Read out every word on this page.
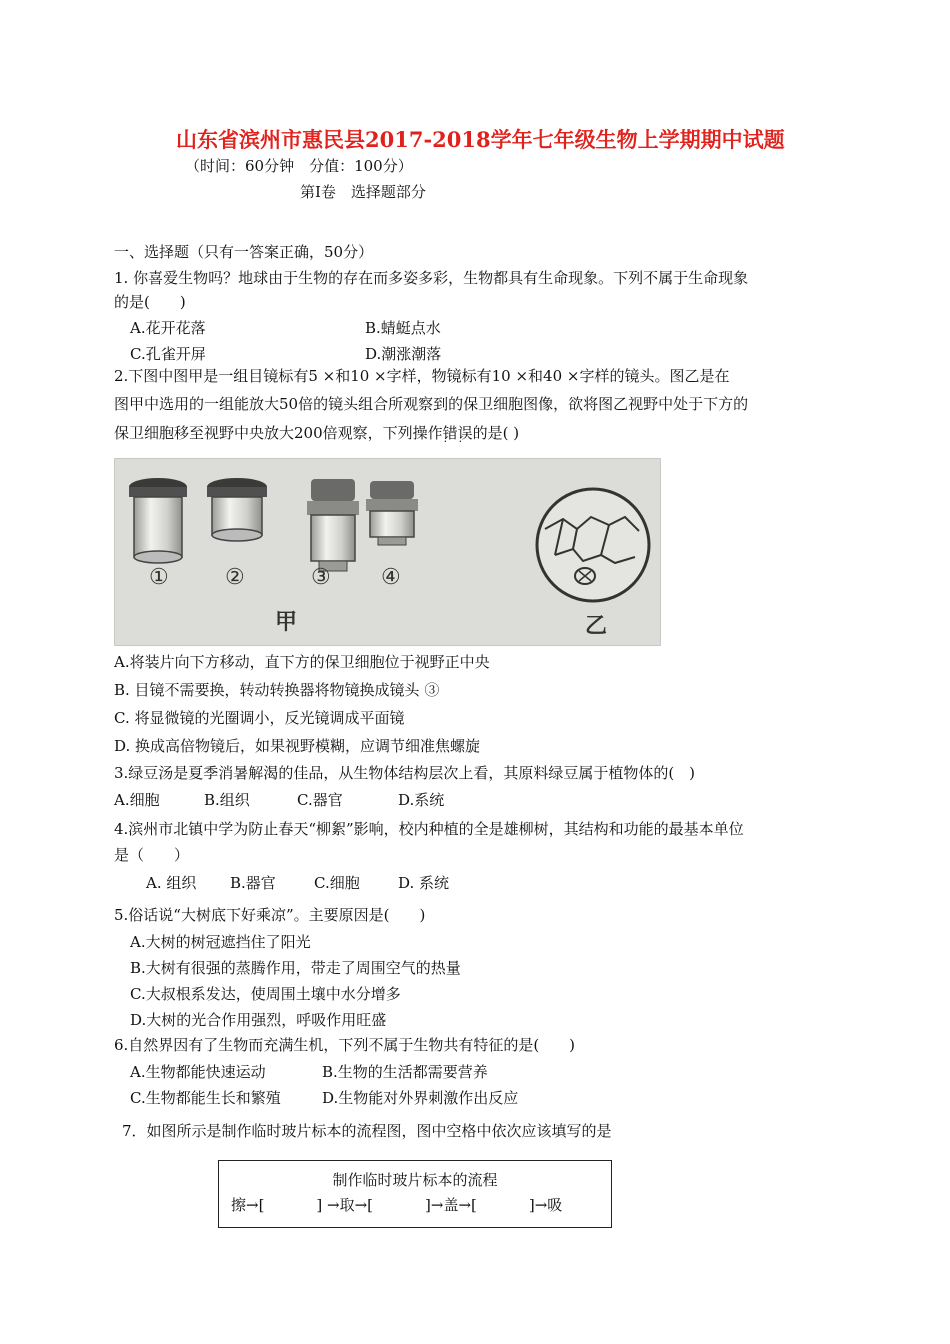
山东省滨州市惠民县2017-2018学年七年级生物上学期期中试题
（时间：60分钟　分值：100分）
第Ⅰ卷　选择题部分
一、选择题（只有一答案正确，50分）
1. 你喜爱生物吗？地球由于生物的存在而多姿多彩，生物都具有生命现象。下列不属于生命现象
的是(　　)
A.花开花落	B.蜻蜓点水
C.孔雀开屏	D.潮涨潮落
2.下图中图甲是一组目镜标有5 ×和10 ×字样，物镜标有10 ×和40 ×字样的镜头。图乙是在
图甲中选用的一组能放大50倍的镜头组合所观察到的保卫细胞图像，欲将图乙视野中处于下方的
保卫细胞移至视野中央放大200倍观察，下列操作错误 · ·的是( )
①	②	③ ④
甲	乙
A.将装片向下方移动，直下方的保卫细胞位于视野正中央
B. 目镜不需要换，转动转换器将物镜换成镜头 ③
C. 将显微镜的光圈调小，反光镜调成平面镜
D. 换成高倍物镜后，如果视野模糊，应调节细准焦螺旋
3.绿豆汤是夏季消暑解渴的佳品，从生物体结构层次上看，其原料绿豆属于植物体的(　)
A.细胞	B.组织	C.器官	D.系统
4.滨州市北镇中学为防止春天“柳絮”影响，校内种植的全是雄柳树，其结构和功能的最基本单位
是（　　）
A. 组织 B.器官	C.细胞	D. 系统
5.俗话说“大树底下好乘凉”。主要原因是(　　)
A.大树的树冠遮挡住了阳光
B.大树有很强的蒸腾作用，带走了周围空气的热量
C.大叔根系发达，使周围土壤中水分增多
D.大树的光合作用强烈，呼吸作用旺盛
6.自然界因有了生物而充满生机，下列不属于生物共有特征的是(　　)
A.生物都能快速运动	B.生物的生活都需要营养
C.生物都能生长和繁殖	D.生物能对外界刺激作出反应
7．如图所示是制作临时玻片标本的流程图，图中空格中依次应该填写的是
制作临时玻片标本的流程
擦→[	] →取→[	]→盖→[	]→吸
